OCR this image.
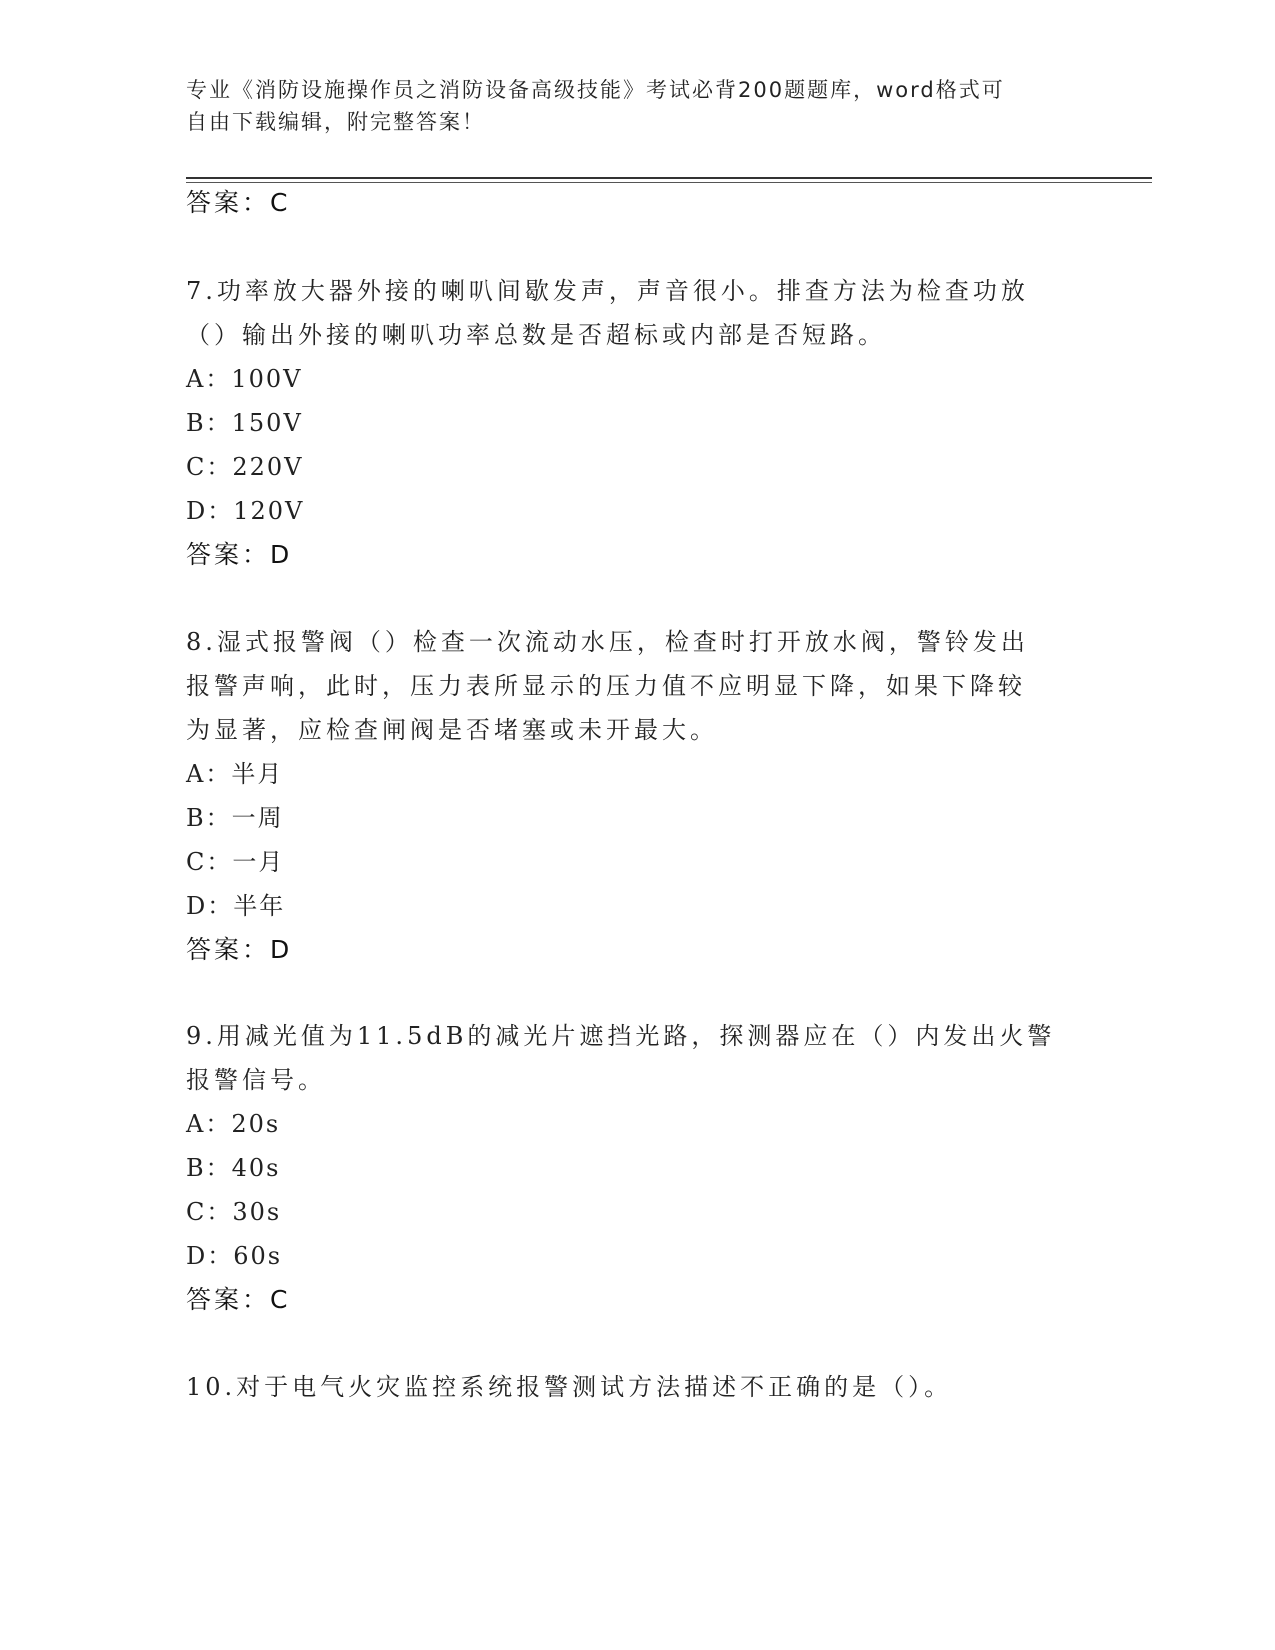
专业《消防设施操作员之消防设备高级技能》考试必背200题题库，word格式可
自由下载编辑，附完整答案！
答案：C
7.功率放大器外接的喇叭间歇发声，声音很小。排查方法为检查功放
（）输出外接的喇叭功率总数是否超标或内部是否短路。
A：100V
B：150V
C：220V
D：120V
答案：D
8.湿式报警阀（）检查一次流动水压，检查时打开放水阀，警铃发出
报警声响，此时，压力表所显示的压力值不应明显下降，如果下降较
为显著，应检查闸阀是否堵塞或未开最大。
A：半月
B：一周
C：一月
D：半年
答案：D
9.用减光值为11.5dB的减光片遮挡光路，探测器应在（）内发出火警
报警信号。
A：20s
B：40s
C：30s
D：60s
答案：C
10.对于电气火灾监控系统报警测试方法描述不正确的是（）。
